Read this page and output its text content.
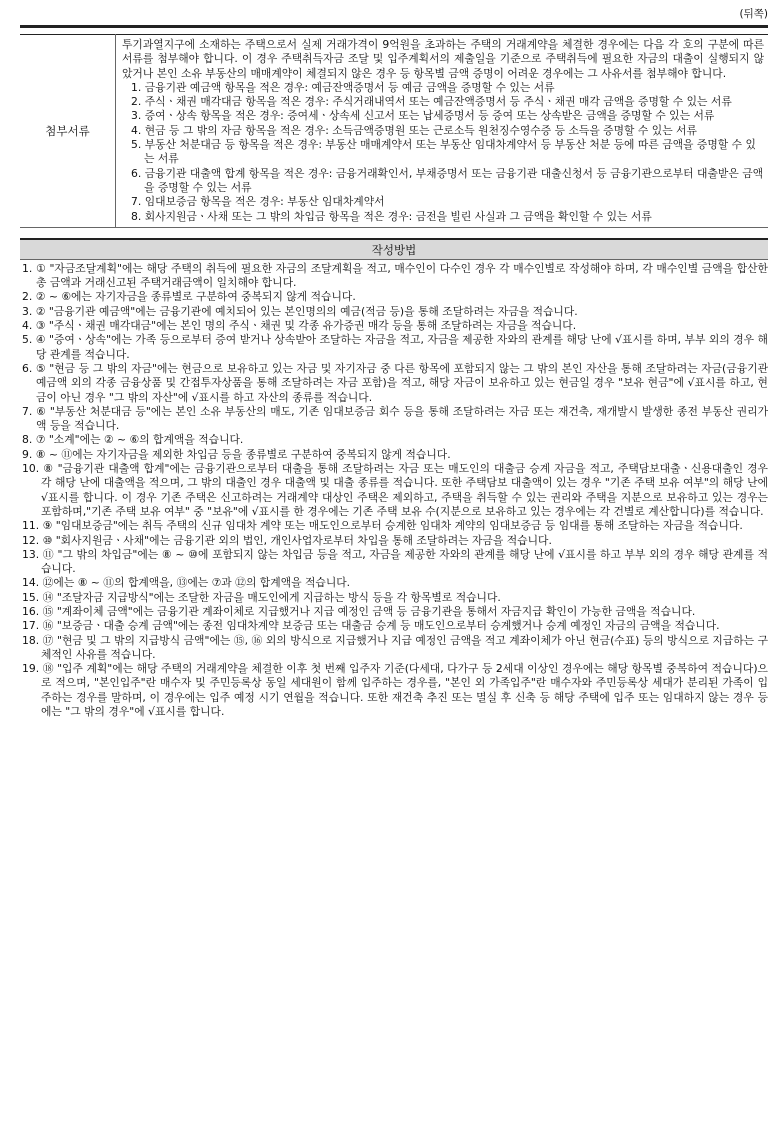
(뒤쪽)
첨부서류	

투기과열지구에 소재하는 주택으로서 실제 거래가격이 9억원을 초과하는 주택의 거래계약을 체결한 경우에는 다음 각 호의 구분에 따른 서류를 첨부해야 합니다. 이 경우 주택취득자금 조달 및 입주계획서의 제출일을 기준으로 주택취득에 필요한 자금의 대출이 실행되지 않았거나 본인 소유 부동산의 매매계약이 체결되지 않은 경우 등 항목별 금액 증명이 어려운 경우에는 그 사유서를 첨부해야 합니다.

1. 금융기관 예금액 항목을 적은 경우: 예금잔액증명서 등 예금 금액을 증명할 수 있는 서류
2. 주식ㆍ채권 매각대금 항목을 적은 경우: 주식거래내역서 또는 예금잔액증명서 등 주식ㆍ채권 매각 금액을 증명할 수 있는 서류
3. 증여ㆍ상속 항목을 적은 경우: 증여세ㆍ상속세 신고서 또는 납세증명서 등 증여 또는 상속받은 금액을 증명할 수 있는 서류
4. 현금 등 그 밖의 자금 항목을 적은 경우: 소득금액증명원 또는 근로소득 원천징수영수증 등 소득을 증명할 수 있는 서류
5. 부동산 처분대금 등 항목을 적은 경우: 부동산 매매계약서 또는 부동산 임대차계약서 등 부동산 처분 등에 따른 금액을 증명할 수 있는 서류
6. 금융기관 대출액 합계 항목을 적은 경우: 금융거래확인서, 부채증명서 또는 금융기관 대출신청서 등 금융기관으로부터 대출받은 금액을 증명할 수 있는 서류
7. 임대보증금 항목을 적은 경우: 부동산 임대차계약서
8. 회사지원금ㆍ사채 또는 그 밖의 차입금 항목을 적은 경우: 금전을 빌린 사실과 그 금액을 확인할 수 있는 서류
작성방법
1. ① "자금조달계획"에는 해당 주택의 취득에 필요한 자금의 조달계획을 적고, 매수인이 다수인 경우 각 매수인별로 작성해야 하며, 각 매수인별 금액을 합산한 총 금액과 거래신고된 주택거래금액이 일치해야 합니다.
2. ② ~ ⑥에는 자기자금을 종류별로 구분하여 중복되지 않게 적습니다.
3. ② "금융기관 예금액"에는 금융기관에 예치되어 있는 본인명의의 예금(적금 등)을 통해 조달하려는 자금을 적습니다.
4. ③ "주식ㆍ채권 매각대금"에는 본인 명의 주식ㆍ채권 및 각종 유가증권 매각 등을 통해 조달하려는 자금을 적습니다.
5. ④ "증여ㆍ상속"에는 가족 등으로부터 증여 받거나 상속받아 조달하는 자금을 적고, 자금을 제공한 자와의 관계를 해당 난에 √표시를 하며, 부부 외의 경우 해당 관계를 적습니다.
6. ⑤ "현금 등 그 밖의 자금"에는 현금으로 보유하고 있는 자금 및 자기자금 중 다른 항목에 포함되지 않는 그 밖의 본인 자산을 통해 조달하려는 자금(금융기관 예금액 외의 각종 금융상품 및 간접투자상품을 통해 조달하려는 자금 포함)을 적고, 해당 자금이 보유하고 있는 현금일 경우 "보유 현금"에 √표시를 하고, 현금이 아닌 경우 "그 밖의 자산"에 √표시를 하고 자산의 종류를 적습니다.
7. ⑥ "부동산 처분대금 등"에는 본인 소유 부동산의 매도, 기존 임대보증금 회수 등을 통해 조달하려는 자금 또는 재건축, 재개발시 발생한 종전 부동산 권리가액 등을 적습니다.
8. ⑦ "소계"에는 ② ~ ⑥의 합계액을 적습니다.
9. ⑧ ~ ⑪에는 자기자금을 제외한 차입금 등을 종류별로 구분하여 중복되지 않게 적습니다.
10. ⑧ "금융기관 대출액 합계"에는 금융기관으로부터 대출을 통해 조달하려는 자금 또는 매도인의 대출금 승계 자금을 적고, 주택담보대출ㆍ신용대출인 경우 각 해당 난에 대출액을 적으며, 그 밖의 대출인 경우 대출액 및 대출 종류를 적습니다. 또한 주택담보 대출액이 있는 경우 "기존 주택 보유 여부"의 해당 난에 √표시를 합니다. 이 경우 기존 주택은 신고하려는 거래계약 대상인 주택은 제외하고, 주택을 취득할 수 있는 권리와 주택을 지분으로 보유하고 있는 경우는 포함하며,"기존 주택 보유 여부" 중 "보유"에 √표시를 한 경우에는 기존 주택 보유 수(지분으로 보유하고 있는 경우에는 각 건별로 계산합니다)를 적습니다.
11. ⑨ "임대보증금"에는 취득 주택의 신규 임대차 계약 또는 매도인으로부터 승계한 임대차 계약의 임대보증금 등 임대를 통해 조달하는 자금을 적습니다.
12. ⑩ "회사지원금ㆍ사채"에는 금융기관 외의 법인, 개인사업자로부터 차입을 통해 조달하려는 자금을 적습니다.
13. ⑪ "그 밖의 차입금"에는 ⑧ ~ ⑩에 포함되지 않는 차입금 등을 적고, 자금을 제공한 자와의 관계를 해당 난에 √표시를 하고 부부 외의 경우 해당 관계를 적습니다.
14. ⑫에는 ⑧ ~ ⑪의 합계액을, ⑬에는 ⑦과 ⑫의 합계액을 적습니다.
15. ⑭ "조달자금 지급방식"에는 조달한 자금을 매도인에게 지급하는 방식 등을 각 항목별로 적습니다.
16. ⑮ "계좌이체 금액"에는 금융기관 계좌이체로 지급했거나 지급 예정인 금액 등 금융기관을 통해서 자금지급 확인이 가능한 금액을 적습니다.
17. ⑯ "보증금ㆍ대출 승계 금액"에는 종전 임대차계약 보증금 또는 대출금 승계 등 매도인으로부터 승계했거나 승계 예정인 자금의 금액을 적습니다.
18. ⑰ "현금 및 그 밖의 지급방식 금액"에는 ⑮, ⑯ 외의 방식으로 지급했거나 지급 예정인 금액을 적고 계좌이체가 아닌 현금(수표) 등의 방식으로 지급하는 구체적인 사유를 적습니다.
19. ⑱ "입주 계획"에는 해당 주택의 거래계약을 체결한 이후 첫 번째 입주자 기준(다세대, 다가구 등 2세대 이상인 경우에는 해당 항목별 중복하여 적습니다)으로 적으며, "본인입주"란 매수자 및 주민등록상 동일 세대원이 함께 입주하는 경우를, "본인 외 가족입주"란 매수자와 주민등록상 세대가 분리된 가족이 입주하는 경우를 말하며, 이 경우에는 입주 예정 시기 연월을 적습니다. 또한 재건축 추진 또는 멸실 후 신축 등 해당 주택에 입주 또는 임대하지 않는 경우 등에는 "그 밖의 경우"에 √표시를 합니다.
